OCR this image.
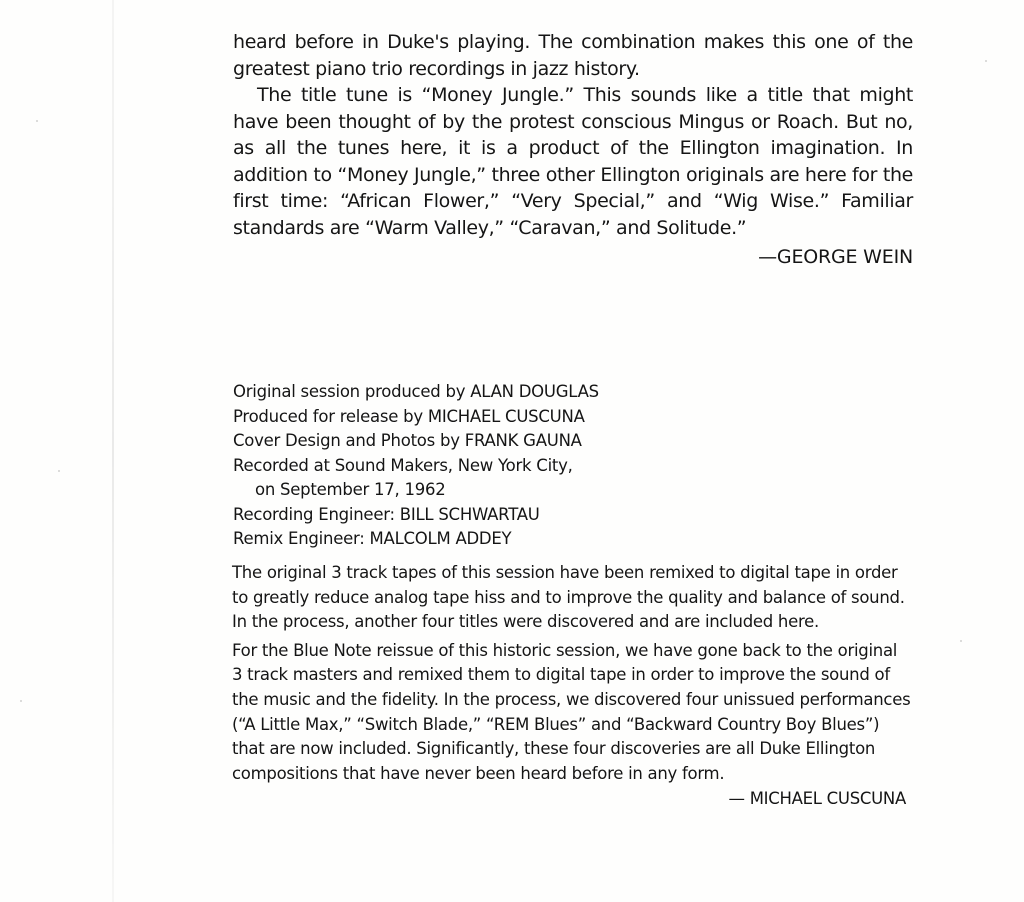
heard before in Duke's playing. The combination makes this one of the greatest piano trio recordings in jazz history.

The title tune is “Money Jungle.” This sounds like a title that might have been thought of by the protest conscious Mingus or Roach. But no, as all the tunes here, it is a product of the Ellington imagination. In addition to “Money Jungle,” three other Ellington originals are here for the first time: “African Flower,” “Very Special,” and “Wig Wise.” Familiar standards are “Warm Valley,” “Caravan,” and Solitude.”

—GEORGE WEIN
Original session produced by ALAN DOUGLAS
Produced for release by MICHAEL CUSCUNA
Cover Design and Photos by FRANK GAUNA
Recorded at Sound Makers, New York City,
on September 17, 1962
Recording Engineer: BILL SCHWARTAU
Remix Engineer: MALCOLM ADDEY

The original 3 track tapes of this session have been remixed to digital tape in order to greatly reduce analog tape hiss and to improve the quality and balance of sound. In the process, another four titles were discovered and are included here.

For the Blue Note reissue of this historic session, we have gone back to the original 3 track masters and remixed them to digital tape in order to improve the sound of the music and the fidelity. In the process, we discovered four unissued performances (“A Little Max,” “Switch Blade,” “REM Blues” and “Backward Country Boy Blues”) that are now included. Significantly, these four discoveries are all Duke Ellington compositions that have never been heard before in any form.

— MICHAEL CUSCUNA
